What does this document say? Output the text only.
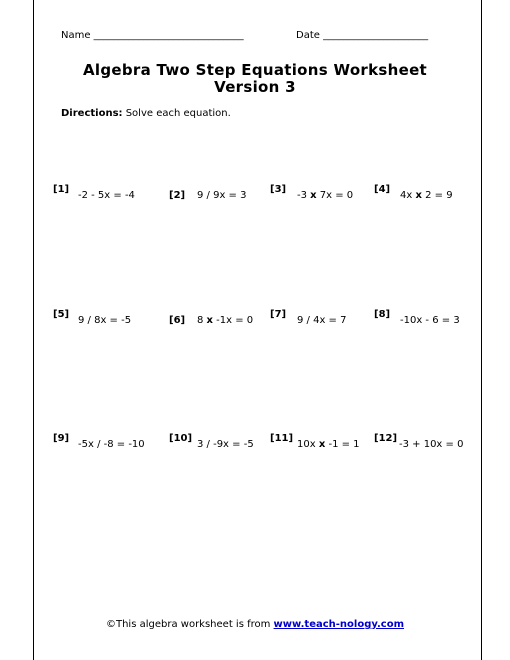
Name ______________________________	Date _____________________
Algebra Two Step Equations Worksheet
Version 3
Directions: Solve each equation.
[1]
-2 - 5x = -4	[2] 9 / 9x = 3
[3]
-3 x 7x = 0
[4]
4x x 2 = 9
[5]
9 / 8x = -5	[6] 8 x -1x = 0
[7]
9 / 4x = 7
[8]
-10x - 6 = 3
[9]
-5x / -8 = -10
[10]
3 / -9x = -5
[11]
10x x -1 = 1
[12]
-3 + 10x = 0
©This algebra worksheet is from www.teach-nology.com
